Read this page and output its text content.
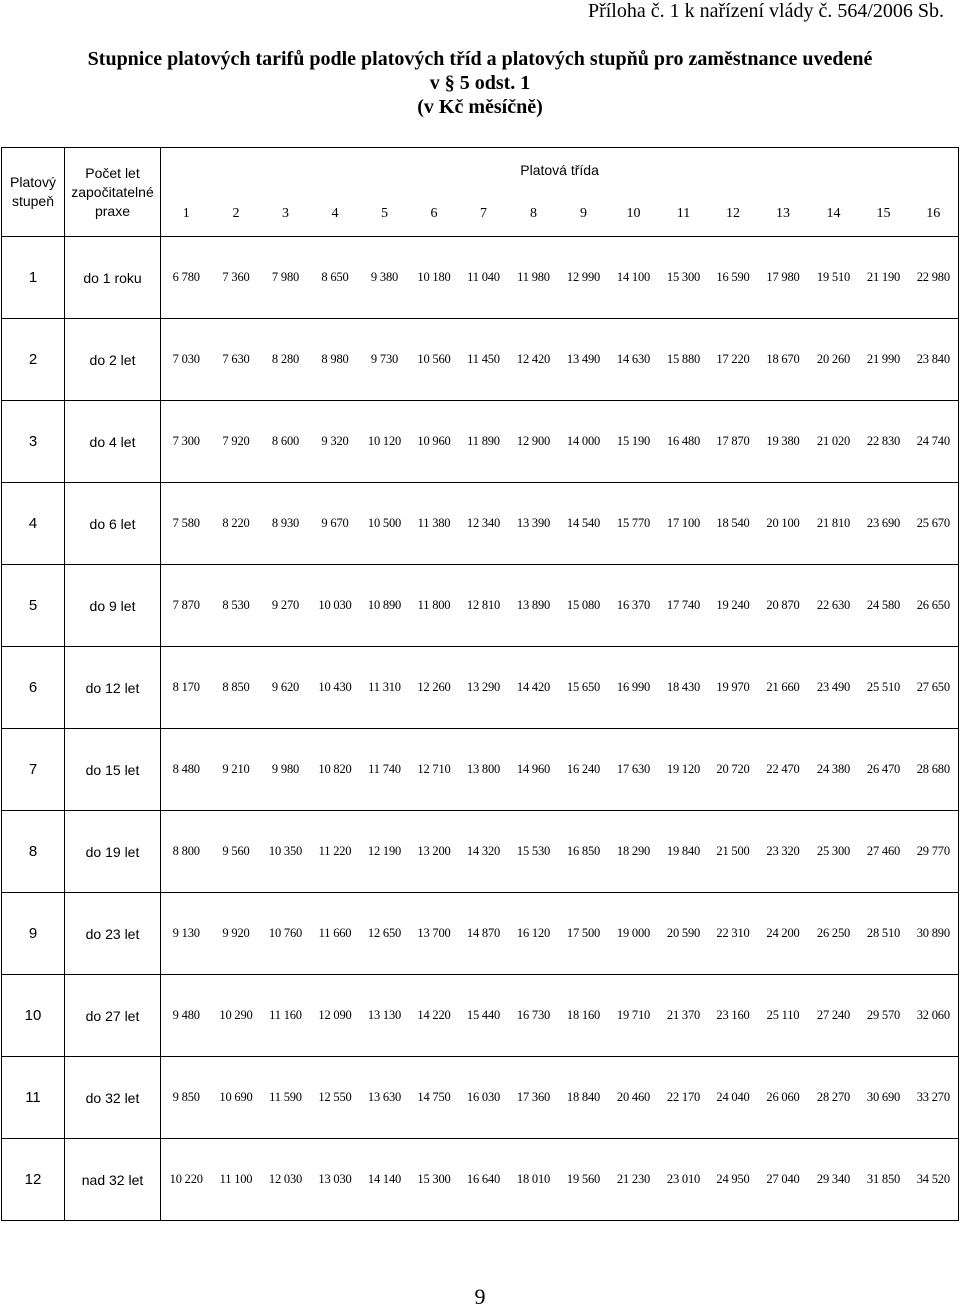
Příloha č. 1 k nařízení vlády č. 564/2006 Sb.
Stupnice platových tarifů podle platových tříd a platových stupňů pro zaměstnance uvedené
v § 5 odst. 1
(v Kč měsíčně)
Platový stupeň	Počet let započitatelné praxe	Platová třída															
		1	2	3	4	5	6	7	8	9	10	11	12	13	14	15	16
1	do 1 roku	6 780	7 360	7 980	8 650	9 380	10 180	11 040	11 980	12 990	14 100	15 300	16 590	17 980	19 510	21 190	22 980
2	do 2 let	7 030	7 630	8 280	8 980	9 730	10 560	11 450	12 420	13 490	14 630	15 880	17 220	18 670	20 260	21 990	23 840
3	do 4 let	7 300	7 920	8 600	9 320	10 120	10 960	11 890	12 900	14 000	15 190	16 480	17 870	19 380	21 020	22 830	24 740
4	do 6 let	7 580	8 220	8 930	9 670	10 500	11 380	12 340	13 390	14 540	15 770	17 100	18 540	20 100	21 810	23 690	25 670
5	do 9 let	7 870	8 530	9 270	10 030	10 890	11 800	12 810	13 890	15 080	16 370	17 740	19 240	20 870	22 630	24 580	26 650
6	do 12 let	8 170	8 850	9 620	10 430	11 310	12 260	13 290	14 420	15 650	16 990	18 430	19 970	21 660	23 490	25 510	27 650
7	do 15 let	8 480	9 210	9 980	10 820	11 740	12 710	13 800	14 960	16 240	17 630	19 120	20 720	22 470	24 380	26 470	28 680
8	do 19 let	8 800	9 560	10 350	11 220	12 190	13 200	14 320	15 530	16 850	18 290	19 840	21 500	23 320	25 300	27 460	29 770
9	do 23 let	9 130	9 920	10 760	11 660	12 650	13 700	14 870	16 120	17 500	19 000	20 590	22 310	24 200	26 250	28 510	30 890
10	do 27 let	9 480	10 290	11 160	12 090	13 130	14 220	15 440	16 730	18 160	19 710	21 370	23 160	25 110	27 240	29 570	32 060
11	do 32 let	9 850	10 690	11 590	12 550	13 630	14 750	16 030	17 360	18 840	20 460	22 170	24 040	26 060	28 270	30 690	33 270
12	nad 32 let	10 220	11 100	12 030	13 030	14 140	15 300	16 640	18 010	19 560	21 230	23 010	24 950	27 040	29 340	31 850	34 520
9
